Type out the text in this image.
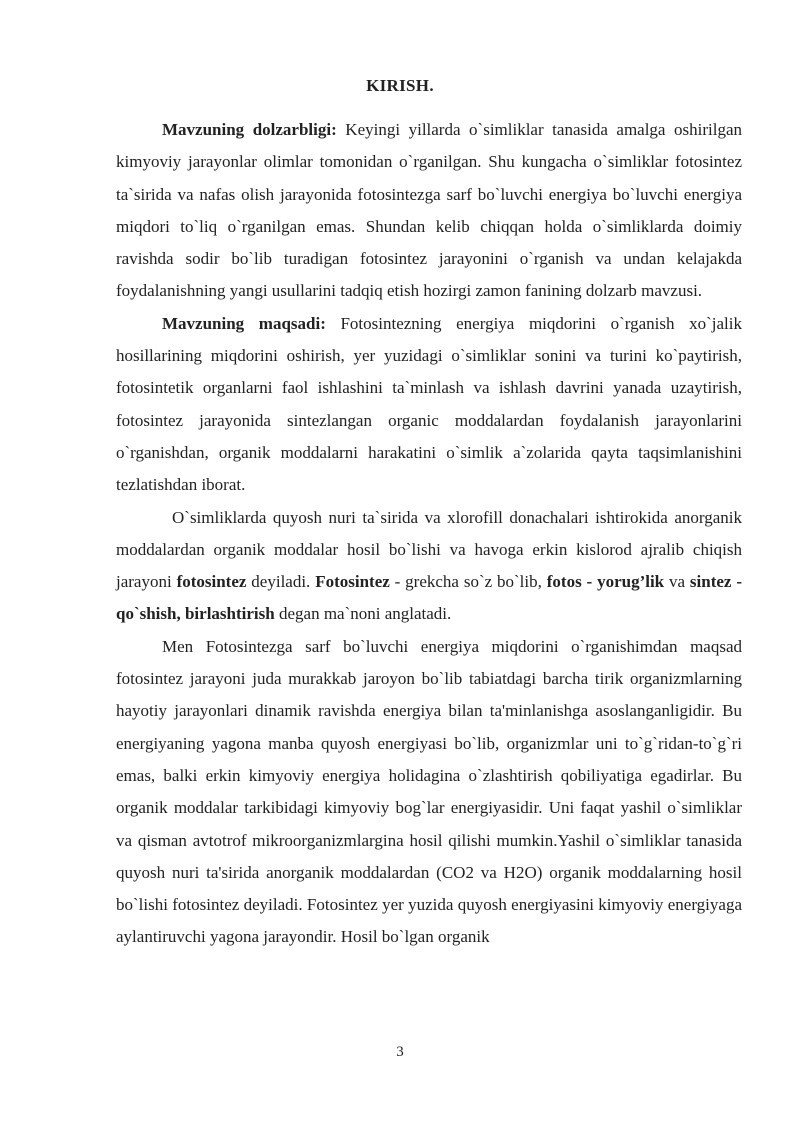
KIRISH.

Mavzuning dolzarbligi: Keyingi yillarda o`simliklar tanasida amalga oshirilgan kimyoviy jarayonlar olimlar tomonidan o`rganilgan. Shu kungacha o`simliklar fotosintez ta`sirida va nafas olish jarayonida fotosintezga sarf bo`luvchi energiya bo`luvchi energiya miqdori to`liq o`rganilgan emas. Shundan kelib chiqqan holda o`simliklarda doimiy ravishda sodir bo`lib turadigan fotosintez jarayonini o`rganish va undan kelajakda foydalanishning yangi usullarini tadqiq etish hozirgi zamon fanining dolzarb mavzusi.

Mavzuning maqsadi: Fotosintezning energiya miqdorini o`rganish xo`jalik hosillarining miqdorini oshirish, yer yuzidagi o`simliklar sonini va turini ko`paytirish, fotosintetik organlarni faol ishlashini ta`minlash va ishlash davrini yanada uzaytirish, fotosintez jarayonida sintezlangan organic moddalardan foydalanish jarayonlarini o`rganishdan, organik moddalarni harakatini o`simlik a`zolarida qayta taqsimlanishini tezlatishdan iborat.

O`simliklarda quyosh nuri ta`sirida va xlorofill donachalari ishtirokida anorganik moddalardan organik moddalar hosil bo`lishi va havoga erkin kislorod ajralib chiqish jarayoni fotosintez deyiladi. Fotosintez - grekcha so`z bo`lib, fotos - yorug’lik va sintez - qo`shish, birlashtirish degan ma`noni anglatadi.

Men Fotosintezga sarf bo`luvchi energiya miqdorini o`rganishimdan maqsad fotosintez jarayoni juda murakkab jaroyon bo`lib tabiatdagi barcha tirik organizmlarning hayotiy jarayonlari dinamik ravishda energiya bilan ta'minlanishga asoslanganligidir. Bu energiyaning yagona manba quyosh energiyasi bo`lib, organizmlar uni to`g`ridan-to`g`ri emas, balki erkin kimyoviy energiya holidagina o`zlashtirish qobiliyatiga egadirlar. Bu organik moddalar tarkibidagi kimyoviy bog`lar energiyasidir. Uni faqat yashil o`simliklar va qisman avtotrof mikroorganizmlargina hosil qilishi mumkin.Yashil o`simliklar tanasida quyosh nuri ta'sirida anorganik moddalardan (CO2 va H2O) organik moddalarning hosil bo`lishi fotosintez deyiladi. Fotosintez yer yuzida quyosh energiyasini kimyoviy energiyaga aylantiruvchi yagona jarayondir. Hosil bo`lgan organik

3
